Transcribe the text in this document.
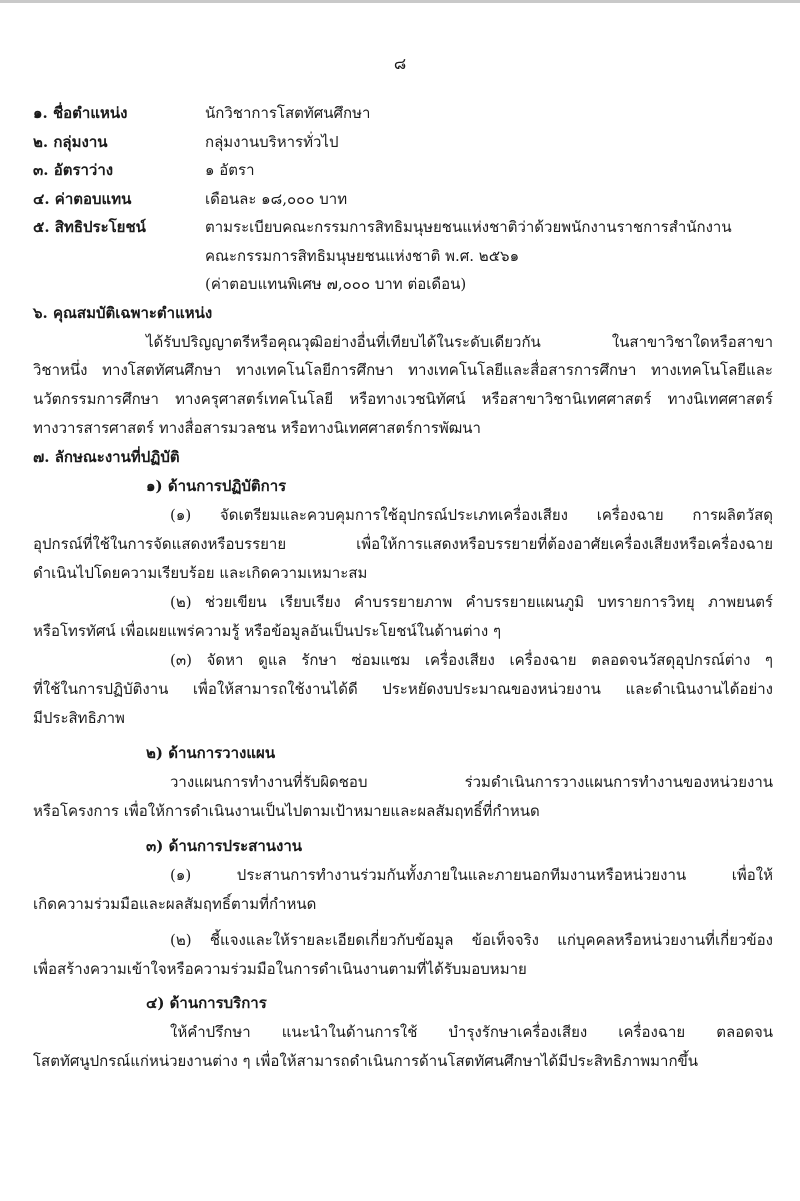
๘
๑. ชื่อตำแหน่ง	นักวิชาการโสตทัศนศึกษา
๒. กลุ่มงาน	กลุ่มงานบริหารทั่วไป
๓. อัตราว่าง	๑ อัตรา
๔. ค่าตอบแทน	เดือนละ ๑๘,๐๐๐ บาท
๕. สิทธิประโยชน์	ตามระเบียบคณะกรรมการสิทธิมนุษยชนแห่งชาติว่าด้วยพนักงานราชการสำนักงาน
คณะกรรมการสิทธิมนุษยชนแห่งชาติ พ.ศ. ๒๕๖๑
(ค่าตอบแทนพิเศษ ๗,๐๐๐ บาท ต่อเดือน)
๖. คุณสมบัติเฉพาะตำแหน่ง
ได้รับปริญญาตรีหรือคุณวุฒิอย่างอื่นที่เทียบได้ในระดับเดียวกัน ในสาขาวิชาใดหรือสาขา
วิชาหนึ่ง ทางโสตทัศนศึกษา ทางเทคโนโลยีการศึกษา ทางเทคโนโลยีและสื่อสารการศึกษา ทางเทคโนโลยีและ
นวัตกรรมการศึกษา ทางครุศาสตร์เทคโนโลยี หรือทางเวชนิทัศน์ หรือสาขาวิชานิเทศศาสตร์ ทางนิเทศศาสตร์
ทางวารสารศาสตร์ ทางสื่อสารมวลชน หรือทางนิเทศศาสตร์การพัฒนา
๗. ลักษณะงานที่ปฏิบัติ
๑) ด้านการปฏิบัติการ
(๑) จัดเตรียมและควบคุมการใช้อุปกรณ์ประเภทเครื่องเสียง เครื่องฉาย การผลิตวัสดุ
อุปกรณ์ที่ใช้ในการจัดแสดงหรือบรรยาย เพื่อให้การแสดงหรือบรรยายที่ต้องอาศัยเครื่องเสียงหรือเครื่องฉาย
ดำเนินไปโดยความเรียบร้อย และเกิดความเหมาะสม
(๒) ช่วยเขียน เรียบเรียง คำบรรยายภาพ คำบรรยายแผนภูมิ บทรายการวิทยุ ภาพยนตร์
หรือโทรทัศน์ เพื่อเผยแพร่ความรู้ หรือข้อมูลอันเป็นประโยชน์ในด้านต่าง ๆ
(๓) จัดหา ดูแล รักษา ซ่อมแซม เครื่องเสียง เครื่องฉาย ตลอดจนวัสดุอุปกรณ์ต่าง ๆ
ที่ใช้ในการปฏิบัติงาน เพื่อให้สามารถใช้งานได้ดี ประหยัดงบประมาณของหน่วยงาน และดำเนินงานได้อย่าง
มีประสิทธิภาพ
๒) ด้านการวางแผน
วางแผนการทำงานที่รับผิดชอบ ร่วมดำเนินการวางแผนการทำงานของหน่วยงาน
หรือโครงการ เพื่อให้การดำเนินงานเป็นไปตามเป้าหมายและผลสัมฤทธิ์ที่กำหนด
๓) ด้านการประสานงาน
(๑) ประสานการทำงานร่วมกันทั้งภายในและภายนอกทีมงานหรือหน่วยงาน เพื่อให้
เกิดความร่วมมือและผลสัมฤทธิ์ตามที่กำหนด
(๒) ชี้แจงและให้รายละเอียดเกี่ยวกับข้อมูล ข้อเท็จจริง แก่บุคคลหรือหน่วยงานที่เกี่ยวข้อง
เพื่อสร้างความเข้าใจหรือความร่วมมือในการดำเนินงานตามที่ได้รับมอบหมาย
๔) ด้านการบริการ
ให้คำปรึกษา แนะนำในด้านการใช้ บำรุงรักษาเครื่องเสียง เครื่องฉาย ตลอดจน
โสตทัศนูปกรณ์แก่หน่วยงานต่าง ๆ เพื่อให้สามารถดำเนินการด้านโสตทัศนศึกษาได้มีประสิทธิภาพมากขึ้น
